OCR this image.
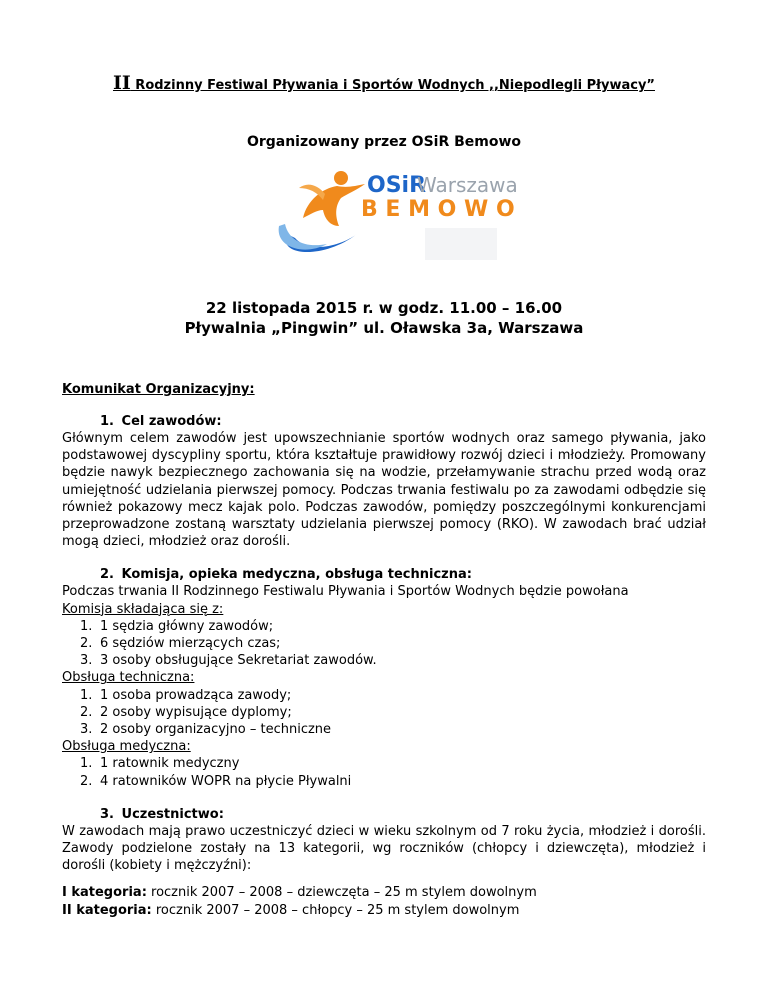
II Rodzinny Festiwal Pływania i Sportów Wodnych ,,Niepodlegli Pływacy”
Organizowany przez OSiR Bemowo
OSiR
Warszawa
B E M O W O
22 listopada 2015 r. w godz. 11.00 – 16.00
Pływalnia „Pingwin” ul. Oławska 3a, Warszawa
Komunikat Organizacyjny:
1. Cel zawodów:

Głównym celem zawodów jest upowszechnianie sportów wodnych oraz samego pływania, jako podstawowej dyscypliny sportu, która kształtuje prawidłowy rozwój dzieci i młodzieży. Promowany będzie nawyk bezpiecznego zachowania się na wodzie, przełamywanie strachu przed wodą oraz umiejętność udzielania pierwszej pomocy. Podczas trwania festiwalu po za zawodami odbędzie się również pokazowy mecz kajak polo. Podczas zawodów, pomiędzy poszczególnymi konkurencjami przeprowadzone zostaną warsztaty udzielania pierwszej pomocy (RKO). W zawodach brać udział mogą dzieci, młodzież oraz dorośli.

2. Komisja, opieka medyczna, obsługa techniczna:

Podczas trwania II Rodzinnego Festiwalu Pływania i Sportów Wodnych będzie powołana

Komisja składająca się z:
1. 1 sędzia główny zawodów;
2. 6 sędziów mierzących czas;
3. 3 osoby obsługujące Sekretariat zawodów.
Obsługa techniczna:
1. 1 osoba prowadząca zawody;
2. 2 osoby wypisujące dyplomy;
3. 2 osoby organizacyjno – techniczne
Obsługa medyczna:
1. 1 ratownik medyczny
2. 4 ratowników WOPR na płycie Pływalni
3. Uczestnictwo:

W zawodach mają prawo uczestniczyć dzieci w wieku szkolnym od 7 roku życia, młodzież i dorośli. Zawody podzielone zostały na 13 kategorii, wg roczników (chłopcy i dziewczęta), młodzież i dorośli (kobiety i mężczyźni):

I kategoria: rocznik 2007 – 2008 – dziewczęta – 25 m stylem dowolnym
II kategoria: rocznik 2007 – 2008 – chłopcy – 25 m stylem dowolnym
